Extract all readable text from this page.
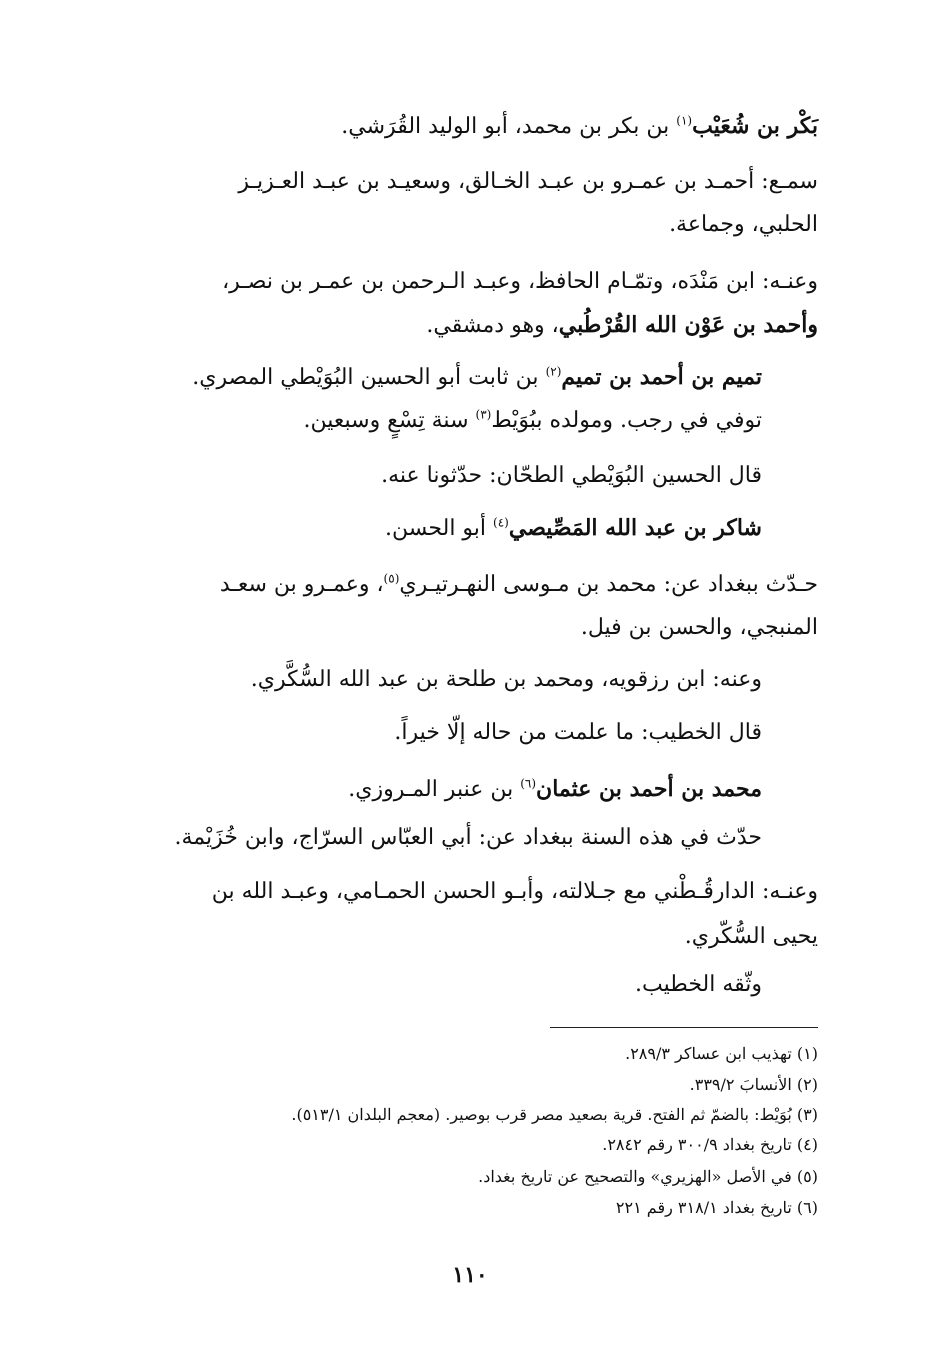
بَكْر بن شُعَيْب$^{(١)}$ بن بكر بن محمد، أبو الوليد القُرَشي.
سمـع: أحمـد بن عمـرو بن عبـد الخـالق، وسعيـد بن عبـد العـزيـز
الحلبي، وجماعة.
وعنـه: ابن مَنْدَه، وتمّـام الحافظ، وعبـد الـرحمن بن عمـر بن نصـر،
وأحمد بن عَوْن الله القُرْطُبي، وهو دمشقي.
تميم بن أحمد بن تميم$^{(٢)}$ بن ثابت أبو الحسين البُوَيْطي المصري.
توفي في رجب. ومولده ببُوَيْط$^{(٣)}$ سنة تِسْعٍ وسبعين.
قال الحسين البُوَيْطي الطحّان: حدّثونا عنه.
شاكر بن عبد الله المَصِّيصي$^{(٤)}$ أبو الحسن.
حـدّث ببغداد عن: محمد بن مـوسى النهـرتيـري$^{(٥)}$، وعمـرو بن سعـد
المنبجي، والحسن بن فيل.
وعنه: ابن رزقويه، ومحمد بن طلحة بن عبد الله السُّكَّري.
قال الخطيب: ما علمت من حاله إلّا خيراً.
محمد بن أحمد بن عثمان$^{(٦)}$ بن عنبر المـروزي.
حدّث في هذه السنة ببغداد عن: أبي العبّاس السرّاج، وابن خُزَيْمة.
وعنـه: الدارقُـطْني مع جـلالته، وأبـو الحسن الحمـامي، وعبـد الله بن
يحيى السُّكّري.
وثّقه الخطيب.
(١) تهذيب ابن عساكر ٢٨٩/٣.
(٢) الأنسابَ ٣٣٩/٢.
(٣) بُوَيْط: بالضمّ ثم الفتح. قرية بصعيد مصر قرب بوصير. (معجم البلدان ٥١٣/١).
(٤) تاريخ بغداد ٣٠٠/٩ رقم ٢٨٤٢.
(٥) في الأصل «الهزيري» والتصحيح عن تاريخ بغداد.
(٦) تاريخ بغداد ٣١٨/١ رقم ٢٢١
١١٠
